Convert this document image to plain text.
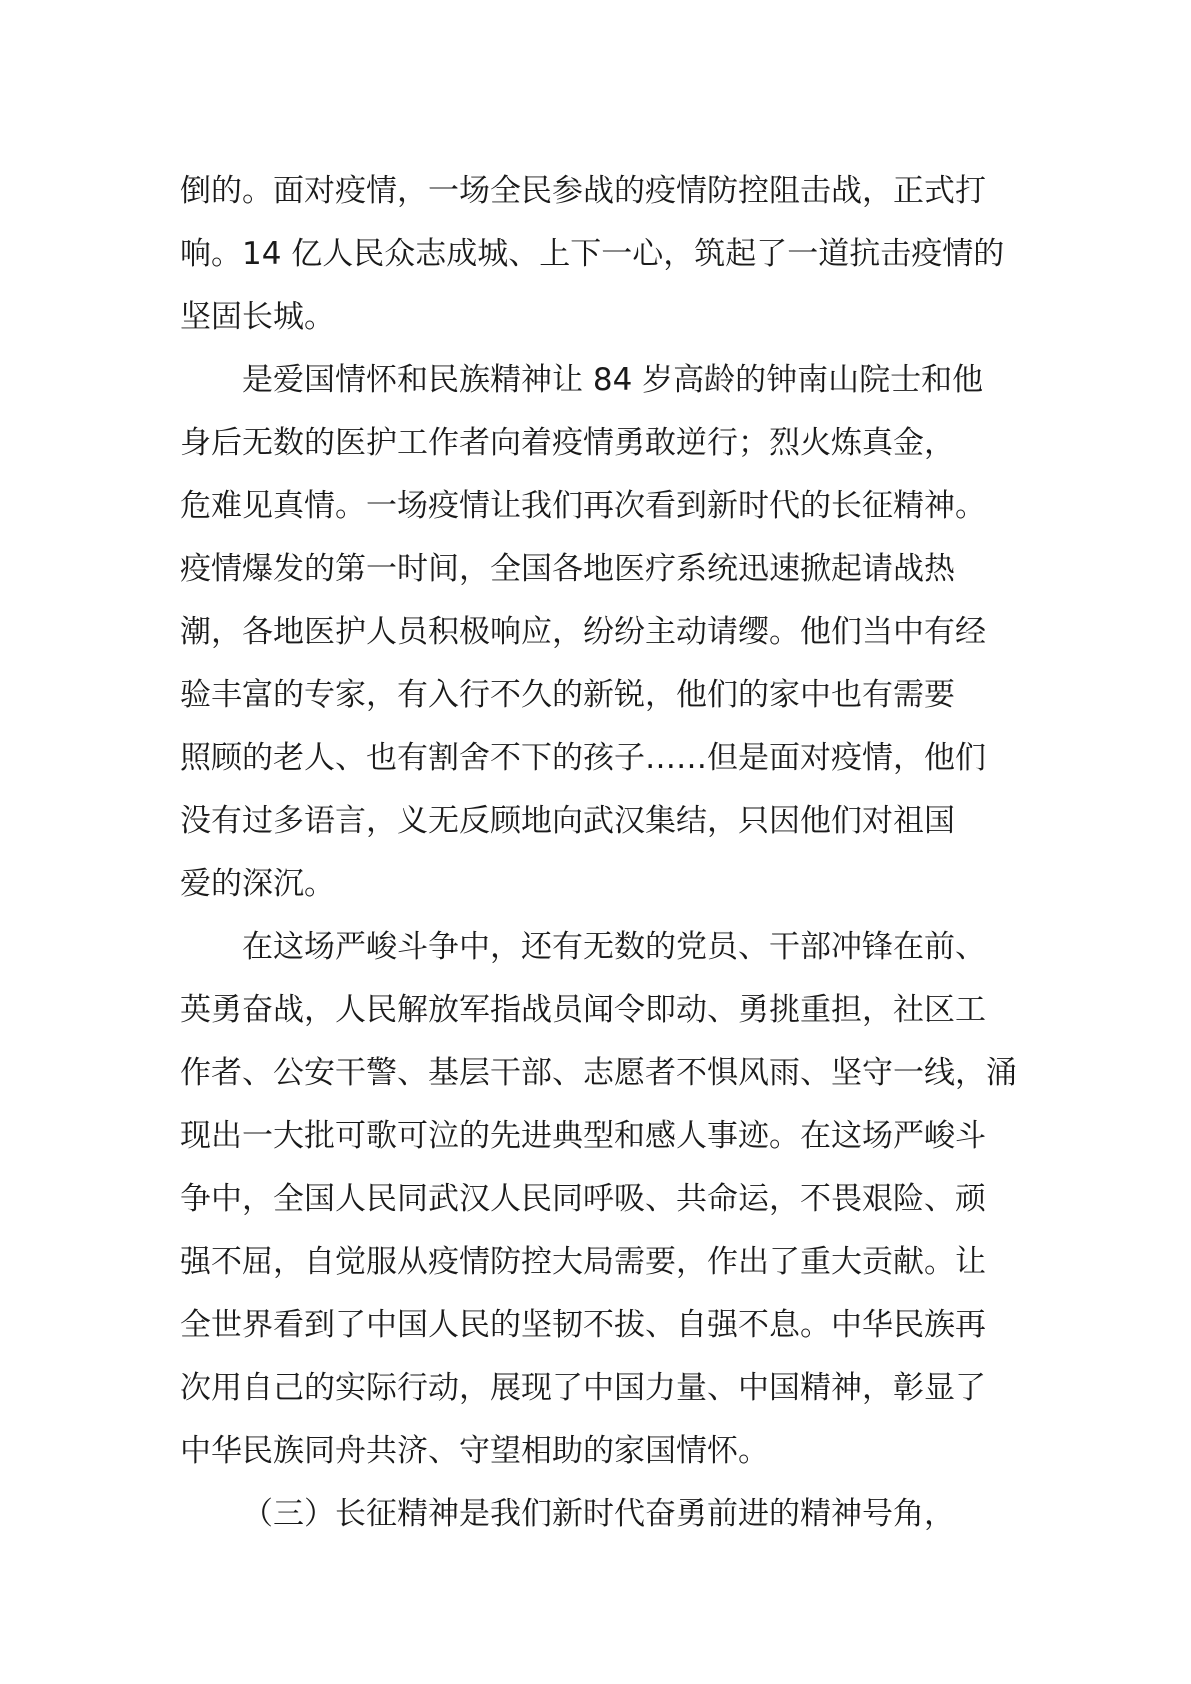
倒的。面对疫情，一场全民参战的疫情防控阻击战，正式打
响。14 亿人民众志成城、上下一心，筑起了一道抗击疫情的
坚固长城。
是爱国情怀和民族精神让 84 岁高龄的钟南山院士和他
身后无数的医护工作者向着疫情勇敢逆行；烈火炼真金，
危难见真情。一场疫情让我们再次看到新时代的长征精神。
疫情爆发的第一时间，全国各地医疗系统迅速掀起请战热
潮，各地医护人员积极响应，纷纷主动请缨。他们当中有经
验丰富的专家，有入行不久的新锐，他们的家中也有需要
照顾的老人、也有割舍不下的孩子……但是面对疫情，他们
没有过多语言，义无反顾地向武汉集结，只因他们对祖国
爱的深沉。
在这场严峻斗争中，还有无数的党员、干部冲锋在前、
英勇奋战，人民解放军指战员闻令即动、勇挑重担，社区工
作者、公安干警、基层干部、志愿者不惧风雨、坚守一线，涌
现出一大批可歌可泣的先进典型和感人事迹。在这场严峻斗
争中，全国人民同武汉人民同呼吸、共命运，不畏艰险、顽
强不屈，自觉服从疫情防控大局需要，作出了重大贡献。让
全世界看到了中国人民的坚韧不拔、自强不息。中华民族再
次用自己的实际行动，展现了中国力量、中国精神，彰显了
中华民族同舟共济、守望相助的家国情怀。
（三）长征精神是我们新时代奋勇前进的精神号角，
